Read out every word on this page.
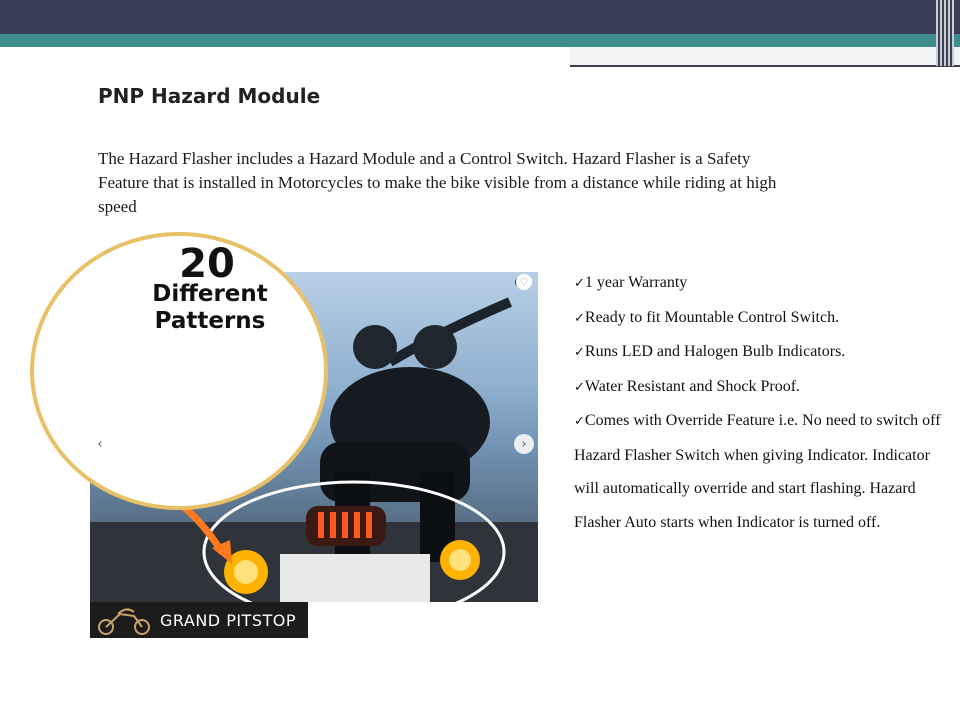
PNP Hazard Module
The Hazard Flasher includes a Hazard Module and a Control Switch. Hazard Flasher is a Safety Feature that is installed in Motorcycles to make the bike visible from a distance while riding at high speed
20
Different
Patterns
♡
‹	›
GRAND PITSTOP
✓1 year Warranty
✓Ready to fit Mountable Control Switch.
✓Runs LED and Halogen Bulb Indicators.
✓Water Resistant and Shock Proof.
✓Comes with Override Feature i.e. No need to switch off Hazard Flasher Switch when giving Indicator. Indicator will automatically override and start flashing. Hazard Flasher Auto starts when Indicator is turned off.
